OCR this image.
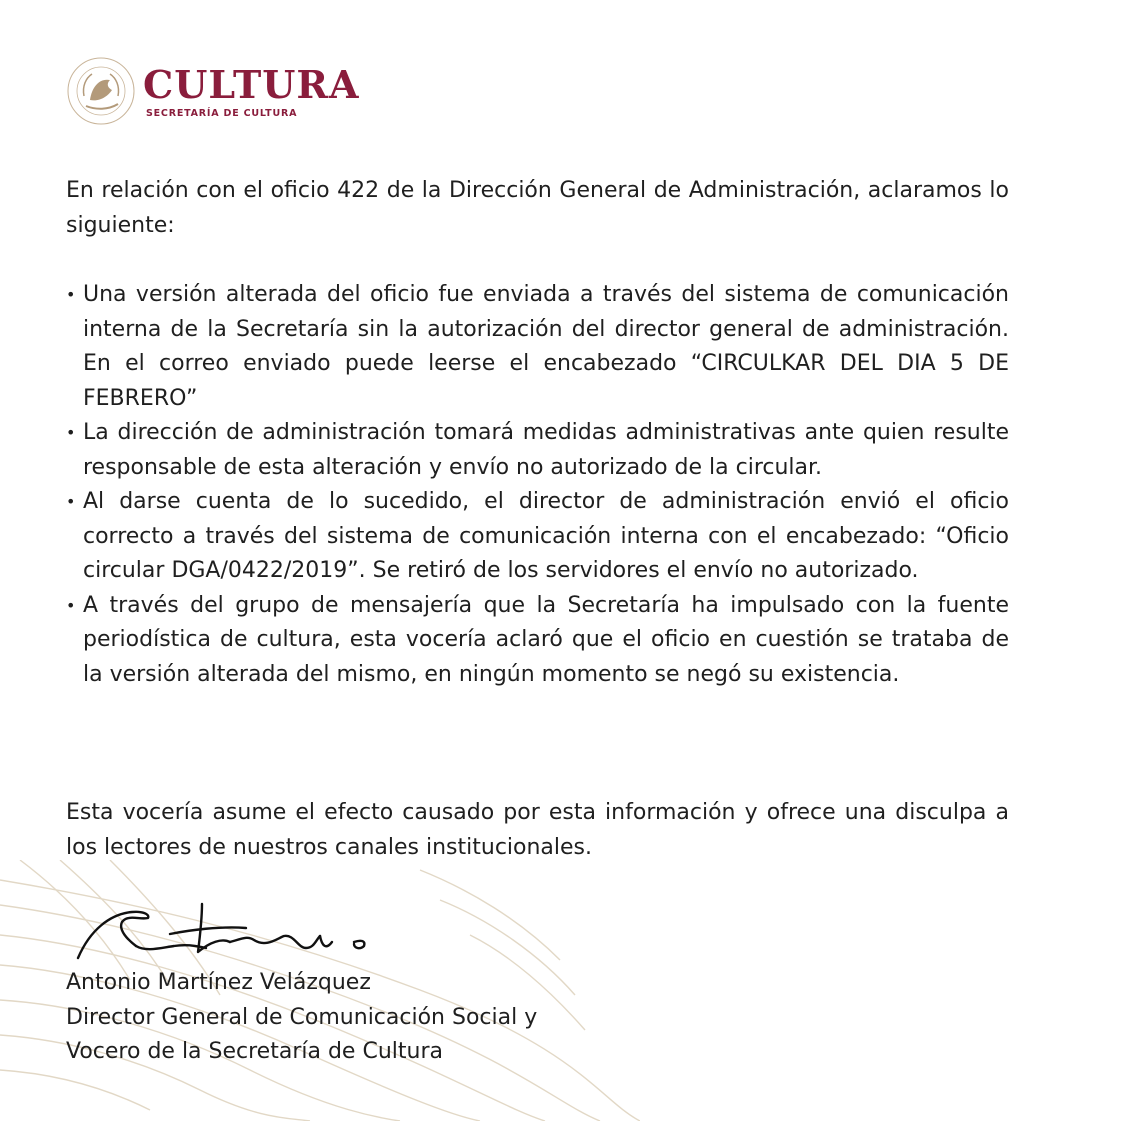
CULTURA
SECRETARÍA DE CULTURA
En relación con el oficio 422 de la Dirección General de Administración, aclaramos lo siguiente:
• Una versión alterada del oficio fue enviada a través del sistema de comunicación interna de la Secretaría sin la autorización del director general de administración. En el correo enviado puede leerse el encabezado “CIRCULKAR DEL DIA 5 DE FEBRERO”
• La dirección de administración tomará medidas administrativas ante quien resulte responsable de esta alteración y envío no autorizado de la circular.
• Al darse cuenta de lo sucedido, el director de administración envió el oficio correcto a través del sistema de comunicación interna con el encabezado: “Oficio circular DGA/0422/2019”. Se retiró de los servidores el envío no autorizado.
• A través del grupo de mensajería que la Secretaría ha impulsado con la fuente periodística de cultura, esta vocería aclaró que el oficio en cuestión se trataba de la versión alterada del mismo, en ningún momento se negó su existencia.
Esta vocería asume el efecto causado por esta información y ofrece una disculpa a los lectores de nuestros canales institucionales.
Antonio Martínez Velázquez
Director General de Comunicación Social y
Vocero de la Secretaría de Cultura
